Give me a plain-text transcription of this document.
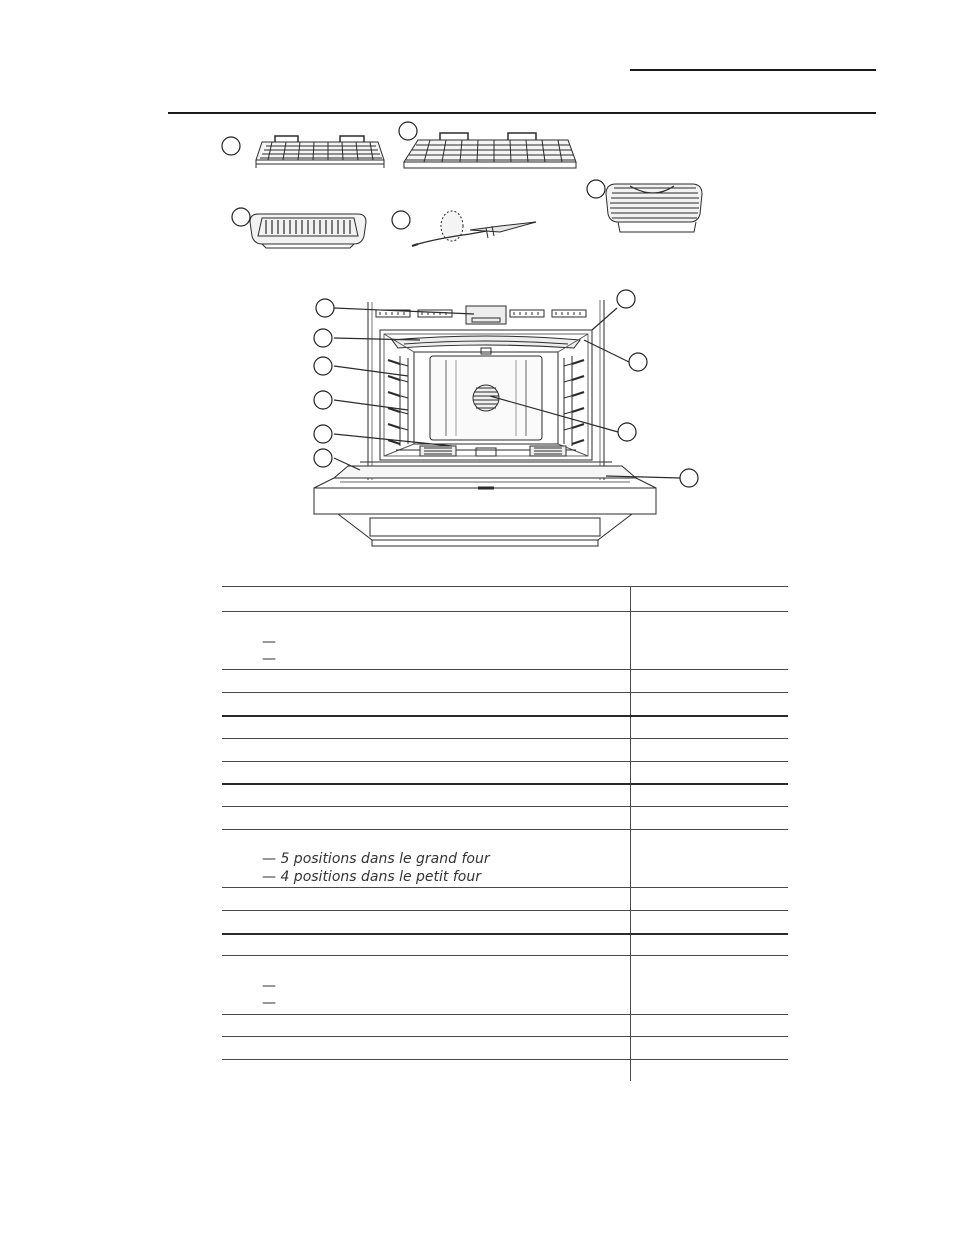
—
—
— 5 positions dans le grand four
— 4 positions dans le petit four
—
—
